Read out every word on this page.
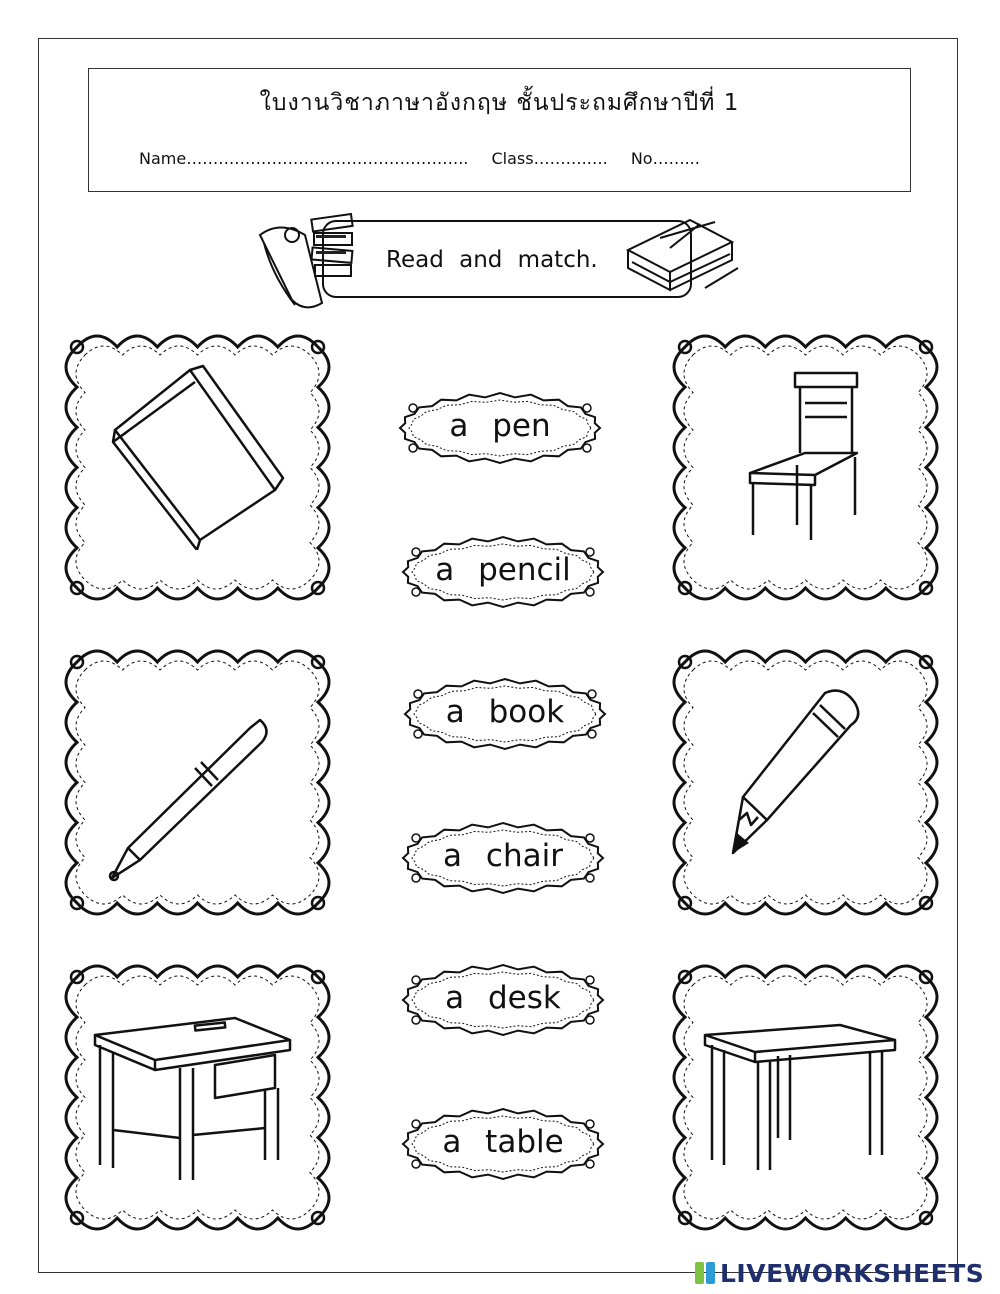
ใบงานวิชาภาษาอังกฤษ ชั้นประถมศึกษาปีที่ 1
Name…………………………………………….. Class……….…. No……...
Read and match.
a pen
a pencil
a book
a chair
a desk
a table
LIVEWORKSHEETS
